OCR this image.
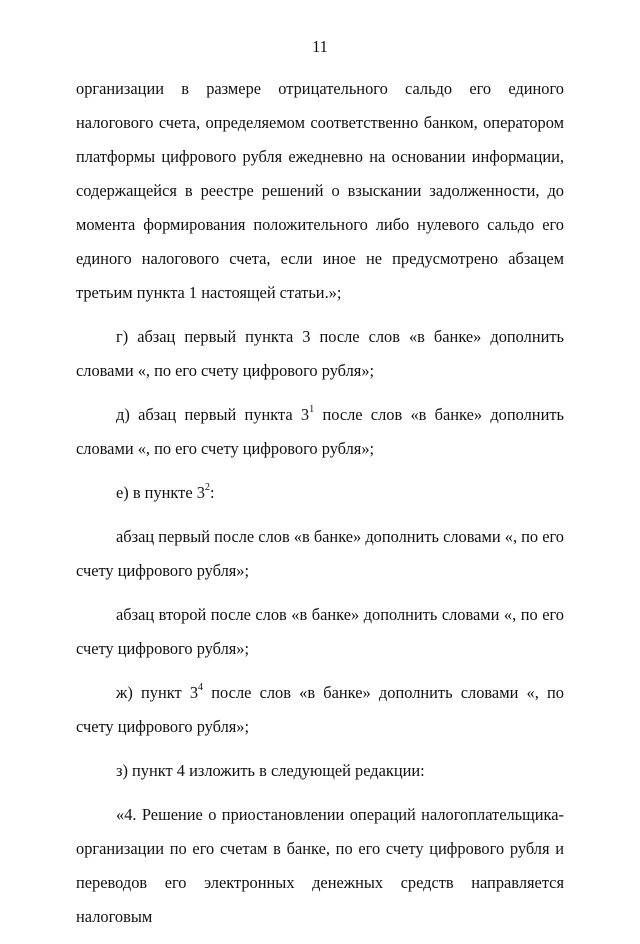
11

организации в размере отрицательного сальдо его единого налогового счета, определяемом соответственно банком, оператором платформы цифрового рубля ежедневно на основании информации, содержащейся в реестре решений о взыскании задолженности, до момента формирования положительного либо нулевого сальдо его единого налогового счета, если иное не предусмотрено абзацем третьим пункта 1 настоящей статьи.»;

г) абзац первый пункта 3 после слов «в банке» дополнить словами «, по его счету цифрового рубля»;

д) абзац первый пункта $3^1$ после слов «в банке» дополнить словами «, по его счету цифрового рубля»;

е) в пункте $3^2$:

абзац первый после слов «в банке» дополнить словами «, по его счету цифрового рубля»;

абзац второй после слов «в банке» дополнить словами «, по его счету цифрового рубля»;

ж) пункт $3^4$ после слов «в банке» дополнить словами «, по счету цифрового рубля»;

з) пункт 4 изложить в следующей редакции:

«4. Решение о приостановлении операций налогоплательщика-организации по его счетам в банке, по его счету цифрового рубля и переводов его электронных денежных средств направляется налоговым
